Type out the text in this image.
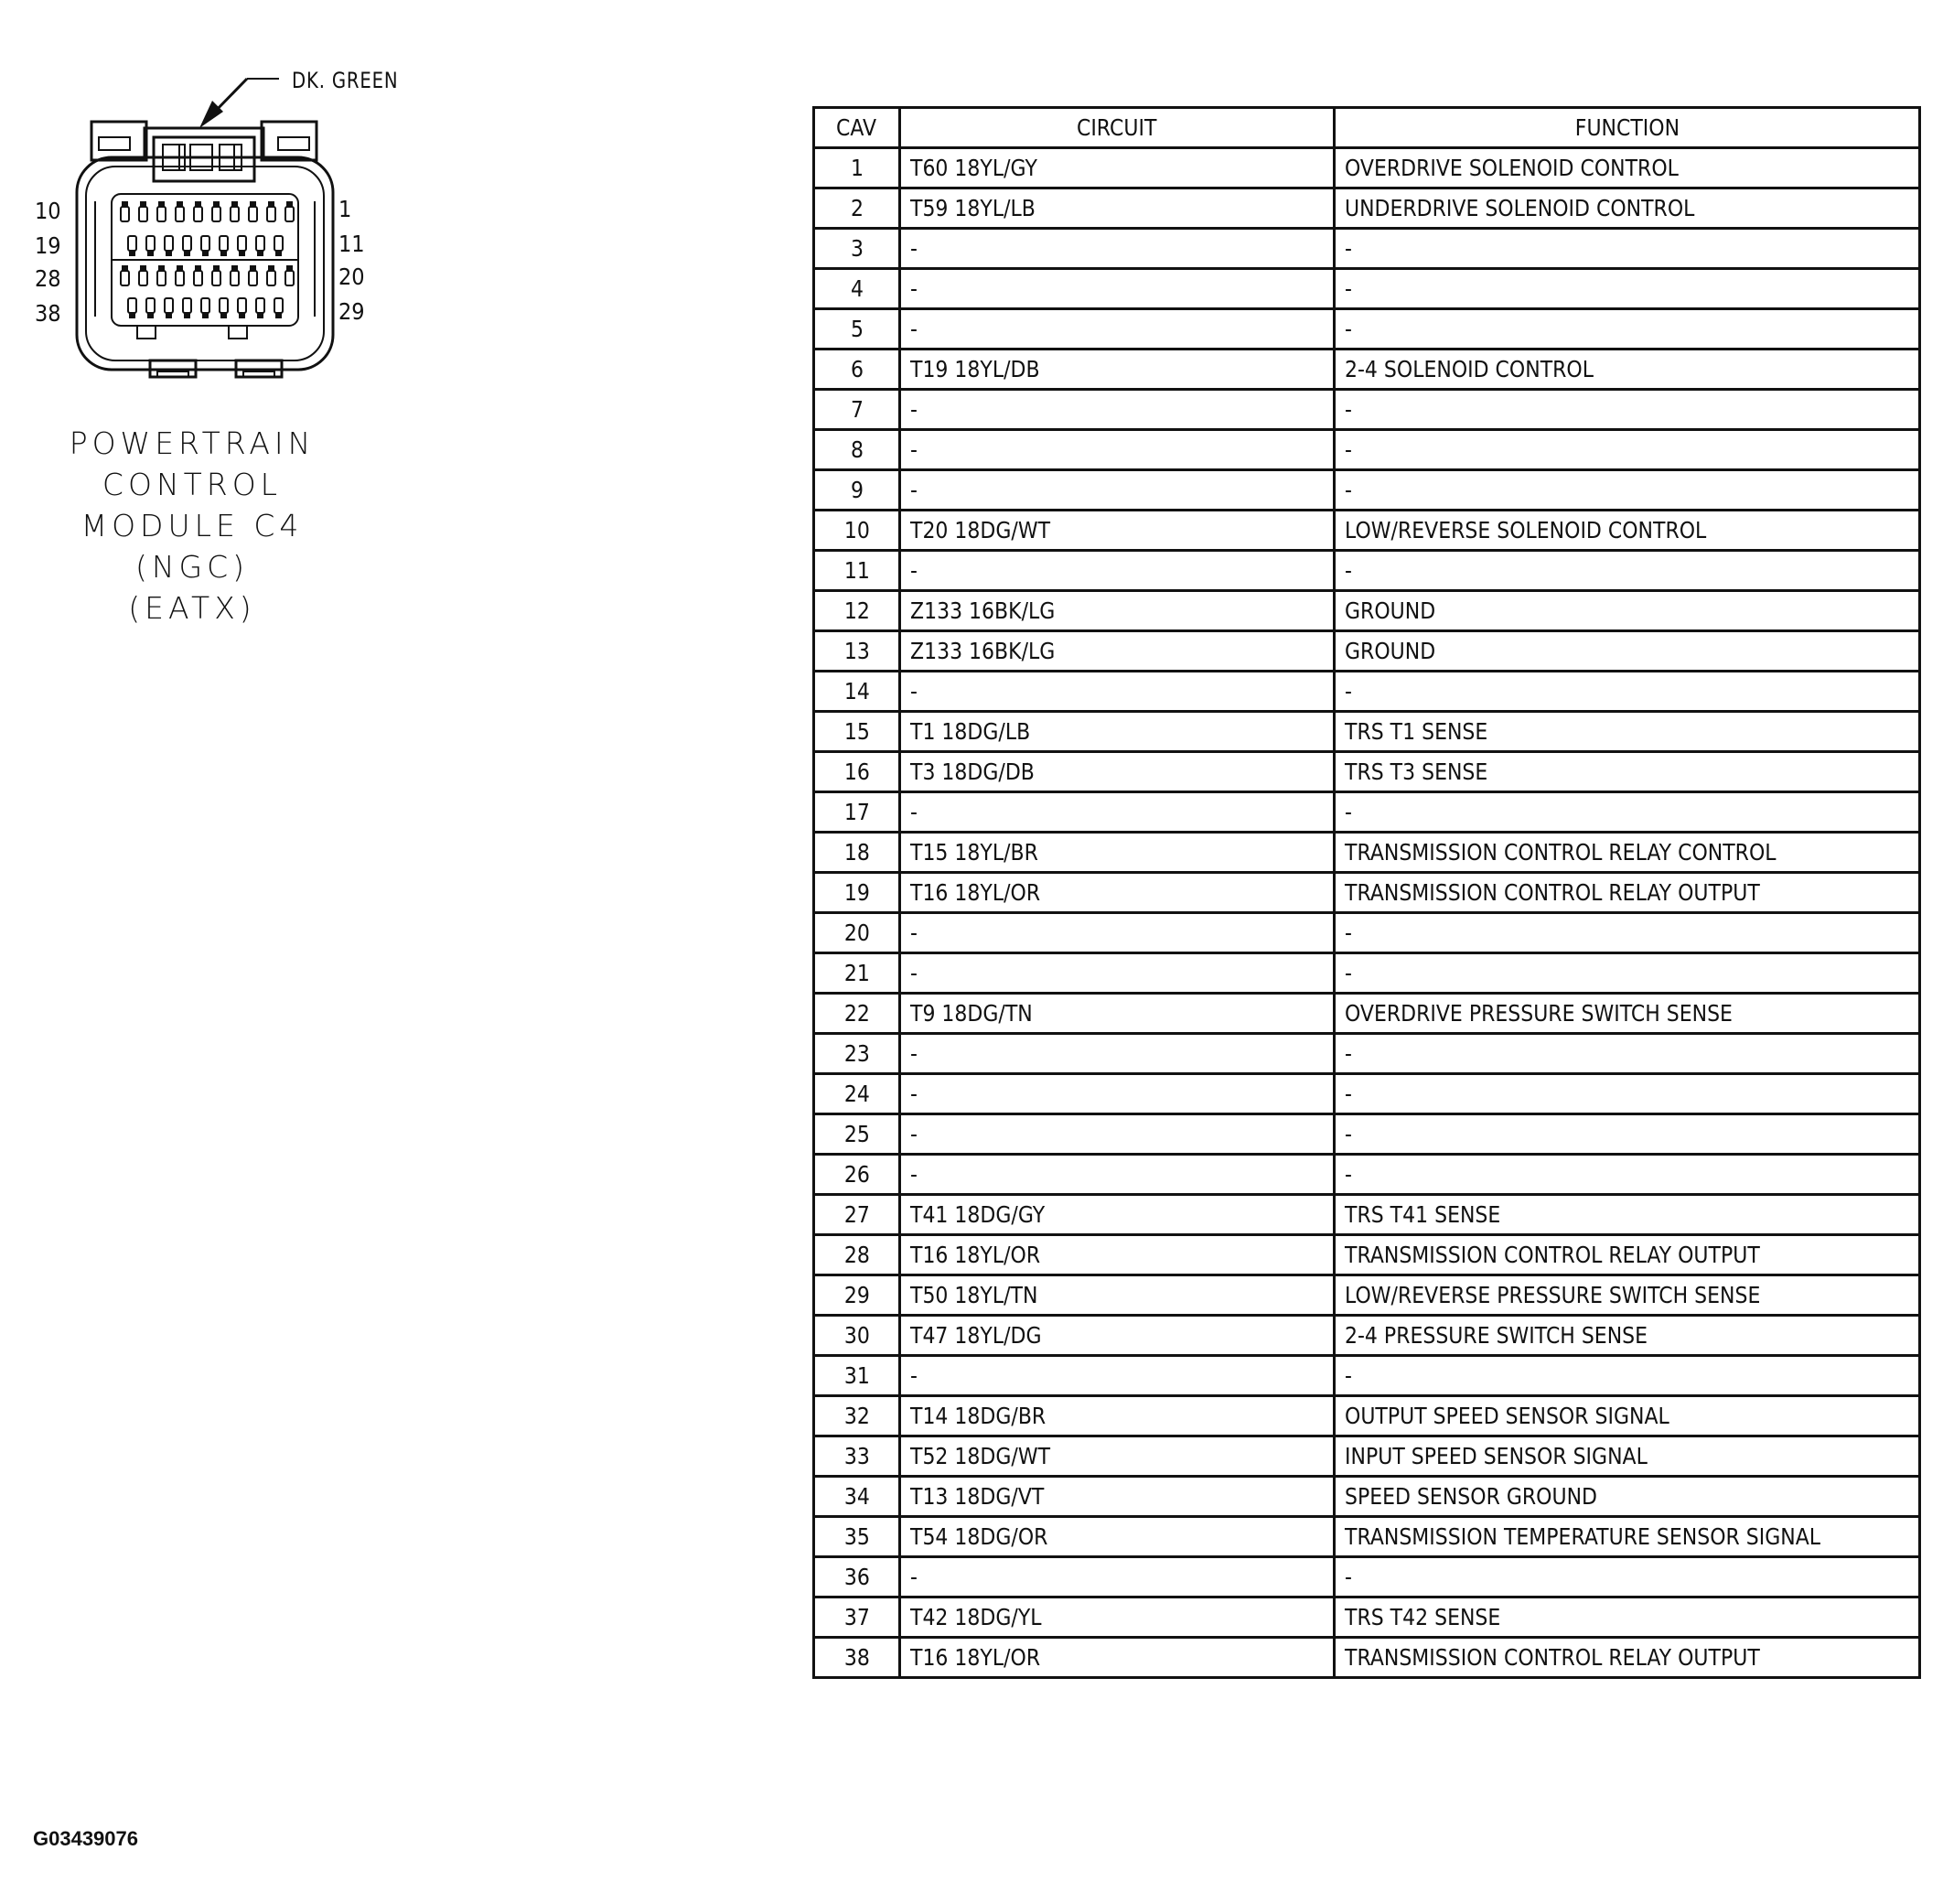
DK. GREEN
10
19
28
38
1
11
20
29
POWERTRAIN
CONTROL
MODULE C4
(NGC)
(EATX)
CAV	CIRCUIT	FUNCTION
1	T60 18YL/GY	OVERDRIVE SOLENOID CONTROL
2	T59 18YL/LB	UNDERDRIVE SOLENOID CONTROL
3	-	-
4	-	-
5	-	-
6	T19 18YL/DB	2-4 SOLENOID CONTROL
7	-	-
8	-	-
9	-	-
10	T20 18DG/WT	LOW/REVERSE SOLENOID CONTROL
11	-	-
12	Z133 16BK/LG	GROUND
13	Z133 16BK/LG	GROUND
14	-	-
15	T1 18DG/LB	TRS T1 SENSE
16	T3 18DG/DB	TRS T3 SENSE
17	-	-
18	T15 18YL/BR	TRANSMISSION CONTROL RELAY CONTROL
19	T16 18YL/OR	TRANSMISSION CONTROL RELAY OUTPUT
20	-	-
21	-	-
22	T9 18DG/TN	OVERDRIVE PRESSURE SWITCH SENSE
23	-	-
24	-	-
25	-	-
26	-	-
27	T41 18DG/GY	TRS T41 SENSE
28	T16 18YL/OR	TRANSMISSION CONTROL RELAY OUTPUT
29	T50 18YL/TN	LOW/REVERSE PRESSURE SWITCH SENSE
30	T47 18YL/DG	2-4 PRESSURE SWITCH SENSE
31	-	-
32	T14 18DG/BR	OUTPUT SPEED SENSOR SIGNAL
33	T52 18DG/WT	INPUT SPEED SENSOR SIGNAL
34	T13 18DG/VT	SPEED SENSOR GROUND
35	T54 18DG/OR	TRANSMISSION TEMPERATURE SENSOR SIGNAL
36	-	-
37	T42 18DG/YL	TRS T42 SENSE
38	T16 18YL/OR	TRANSMISSION CONTROL RELAY OUTPUT
G03439076
